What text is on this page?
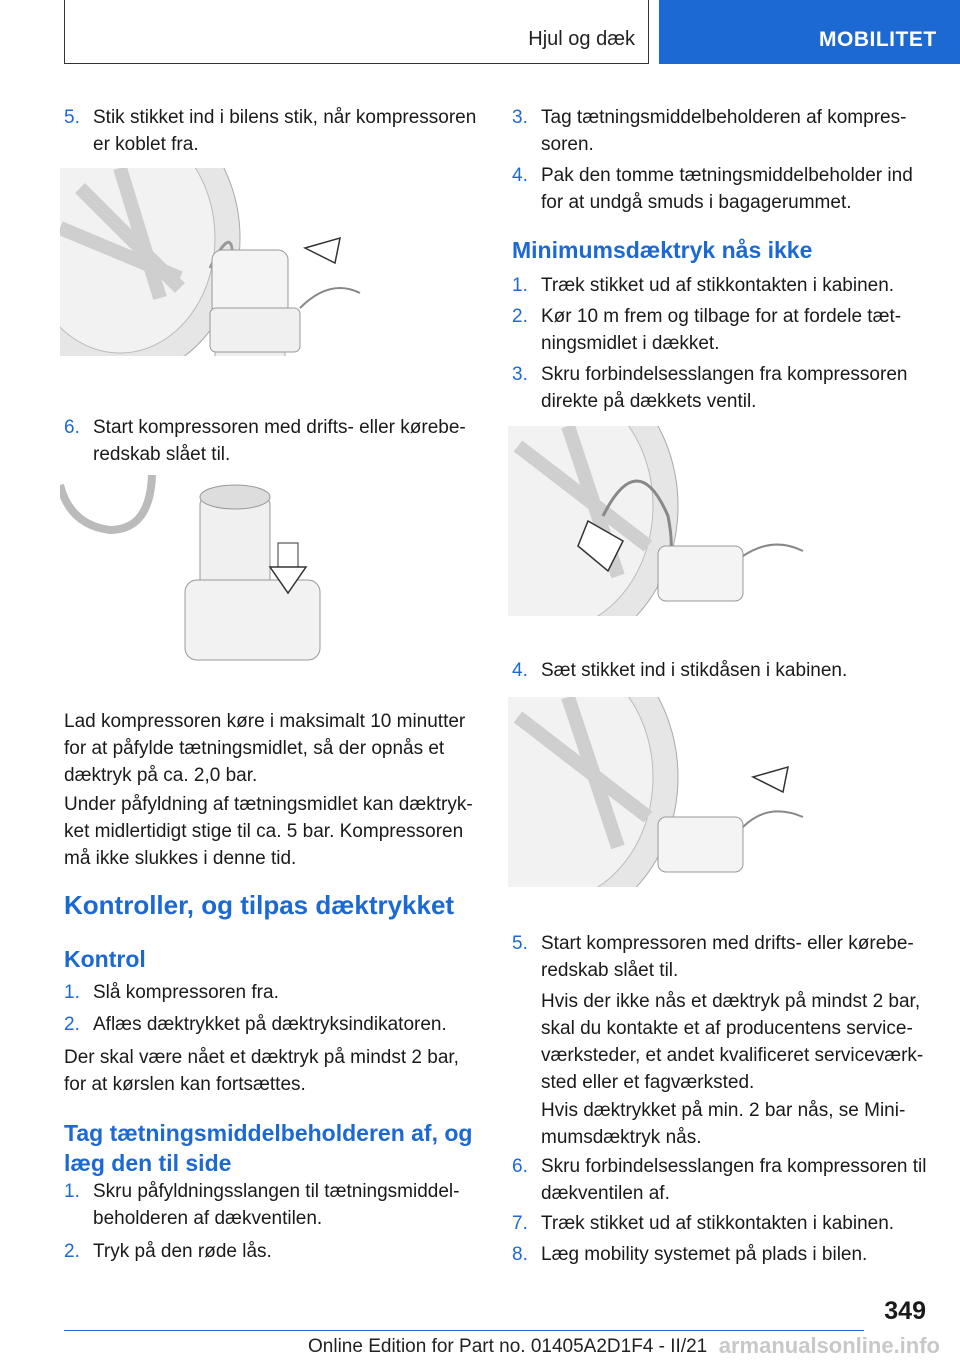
Hjul og dæk	MOBILITET
5. Stik stikket ind i bilens stik, når kompressoren er koblet fra.
6. Start kompressoren med drifts- eller køreberedskab slået til.
Lad kompressoren køre i maksimalt 10 minutter for at påfylde tætningsmidlet, så der opnås et dæktryk på ca. 2,0 bar.
Under påfyldning af tætningsmidlet kan dæktrykket midlertidigt stige til ca. 5 bar. Kompressoren må ikke slukkes i denne tid.
Kontroller, og tilpas dæktrykket
Kontrol
1. Slå kompressoren fra.
2. Aflæs dæktrykket på dæktryksindikatoren.
Der skal være nået et dæktryk på mindst 2 bar, for at kørslen kan fortsættes.
Tag tætningsmiddelbeholderen af, og læg den til side
1. Skru påfyldningsslangen til tætningsmiddelbeholderen af dækventilen.
2. Tryk på den røde lås.
3. Tag tætningsmiddelbeholderen af kompressoren.
4. Pak den tomme tætningsmiddelbeholder ind for at undgå smuds i bagagerummet.
Minimumsdæktryk nås ikke
1. Træk stikket ud af stikkontakten i kabinen.
2. Kør 10 m frem og tilbage for at fordele tætningsmidlet i dækket.
3. Skru forbindelsesslangen fra kompressoren direkte på dækkets ventil.
4. Sæt stikket ind i stikdåsen i kabinen.
5. Start kompressoren med drifts- eller køreberedskab slået til.
Hvis der ikke nås et dæktryk på mindst 2 bar, skal du kontakte et af producentens serviceværksteder, et andet kvalificeret serviceværksted eller et fagværksted.
Hvis dæktrykket på min. 2 bar nås, se Minimumsdæktryk nås.
6. Skru forbindelsesslangen fra kompressoren til dækventilen af.
7. Træk stikket ud af stikkontakten i kabinen.
8. Læg mobility systemet på plads i bilen.
349
Online Edition for Part no. 01405A2D1F4 - II/21 armanualsonline.info
